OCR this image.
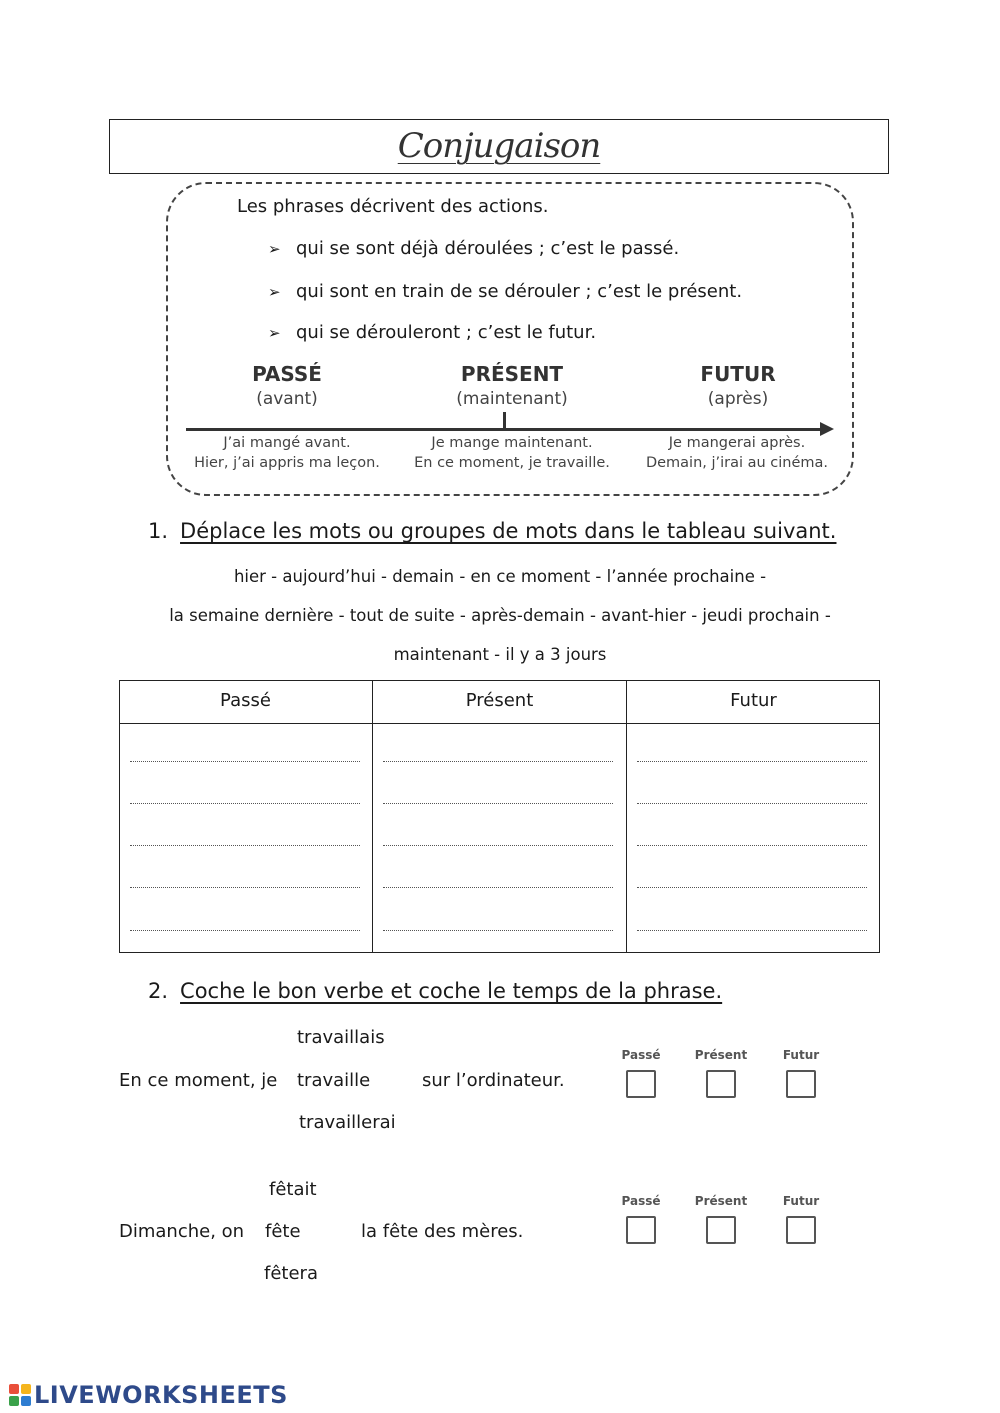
Conjugaison
Les phrases décrivent des actions.
➢ qui se sont déjà déroulées ; c’est le passé.
➢ qui sont en train de se dérouler ; c’est le présent.
➢ qui se dérouleront ; c’est le futur.
PASSÉ
(avant)
PRÉSENT
(maintenant)
FUTUR
(après)
J’ai mangé avant.
Hier, j’ai appris ma leçon.
Je mange maintenant.
En ce moment, je travaille.
Je mangerai après.
Demain, j’irai au cinéma.
1. Déplace les mots ou groupes de mots dans le tableau suivant.
hier - aujourd’hui - demain - en ce moment - l’année prochaine -
la semaine dernière - tout de suite - après-demain - avant-hier - jeudi prochain -
maintenant - il y a 3 jours
Passé	Présent	Futur
2. Coche le bon verbe et coche le temps de la phrase.
travaillais
En ce moment, je travaille	sur l’ordinateur.
travaillerai
Passé	Présent	Futur
fêtait
Dimanche, on fête	la fête des mères.
fêtera
Passé	Présent	Futur
LIVEWORKSHEETS
